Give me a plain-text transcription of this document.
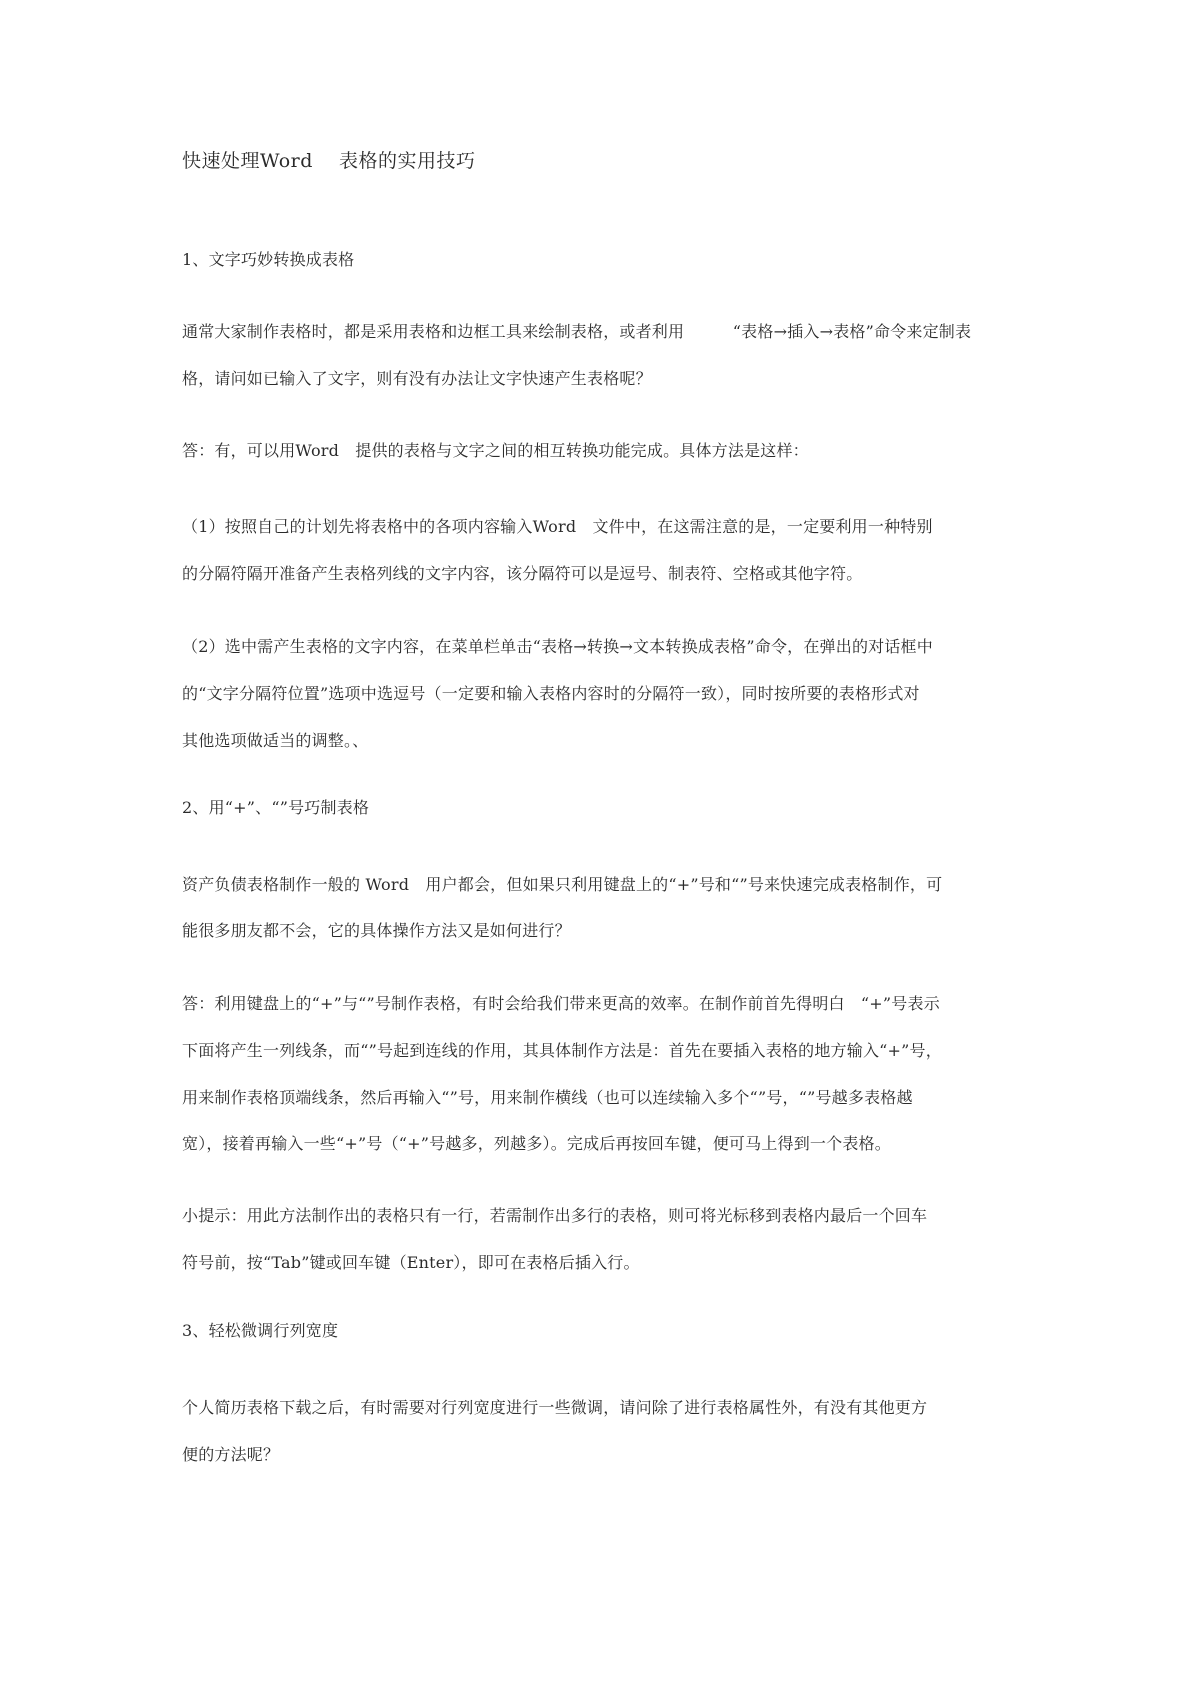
快速处理Word　 表格的实用技巧
1、文字巧妙转换成表格
通常大家制作表格时，都是采用表格和边框工具来绘制表格，或者利用　　　“表格→插入→表格”命令来定制表
格，请问如已输入了文字，则有没有办法让文字快速产生表格呢？
答：有，可以用Word　提供的表格与文字之间的相互转换功能完成。具体方法是这样：
（1）按照自己的计划先将表格中的各项内容输入Word　文件中，在这需注意的是，一定要利用一种特别
的分隔符隔开准备产生表格列线的文字内容，该分隔符可以是逗号、制表符、空格或其他字符。
（2）选中需产生表格的文字内容，在菜单栏单击“表格→转换→文本转换成表格”命令，在弹出的对话框中
的“文字分隔符位置”选项中选逗号（一定要和输入表格内容时的分隔符一致），同时按所要的表格形式对
其他选项做适当的调整。、
2、用“+”、“”号巧制表格
资产负债表格制作一般的 Word　用户都会，但如果只利用键盘上的“+”号和“”号来快速完成表格制作，可
能很多朋友都不会，它的具体操作方法又是如何进行？
答：利用键盘上的“+”与“”号制作表格，有时会给我们带来更高的效率。在制作前首先得明白　“+”号表示
下面将产生一列线条，而“”号起到连线的作用，其具体制作方法是：首先在要插入表格的地方输入“+”号，
用来制作表格顶端线条，然后再输入“”号，用来制作横线（也可以连续输入多个“”号，“”号越多表格越
宽），接着再输入一些“+”号（“+”号越多，列越多）。完成后再按回车键，便可马上得到一个表格。
小提示：用此方法制作出的表格只有一行，若需制作出多行的表格，则可将光标移到表格内最后一个回车
符号前，按“Tab”键或回车键（Enter），即可在表格后插入行。
3、轻松微调行列宽度
个人简历表格下载之后，有时需要对行列宽度进行一些微调，请问除了进行表格属性外，有没有其他更方
便的方法呢？
